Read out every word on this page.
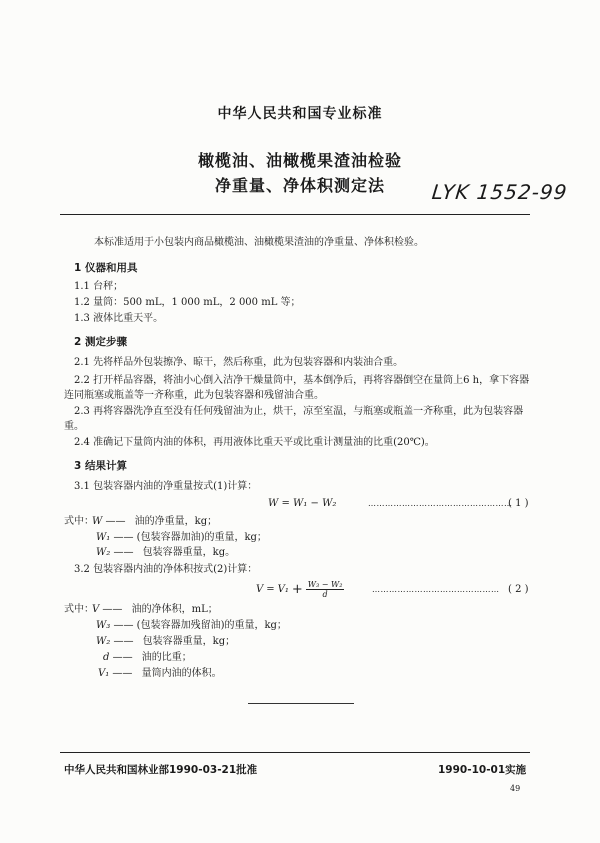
中华人民共和国专业标准
橄榄油、油橄榄果渣油检验
净重量、净体积测定法	LYK 1552-99
本标准适用于小包装内商品橄榄油、油橄榄果渣油的净重量、净体积检验。
1 仪器和用具
1.1 台秤；
1.2 量筒：500 mL，1 000 mL，2 000 mL 等；
1.3 液体比重天平。
2 测定步骤
2.1 先将样品外包装擦净、晾干，然后称重，此为包装容器和内装油合重。
2.2 打开样品容器，将油小心倒入洁净干燥量筒中，基本倒净后，再将容器倒空在量筒上6 h，拿下容器
连同瓶塞或瓶盖等一齐称重，此为包装容器和残留油合重。
2.3 再将容器洗净直至没有任何残留油为止，烘干，凉至室温，与瓶塞或瓶盖一齐称重，此为包装容器
重。
2.4 准确记下量筒内油的体积，再用液体比重天平或比重计测量油的比重(20℃)。
3 结果计算
3.1 包装容器内油的净重量按式(1)计算：
W = W₁ − W₂	……………………………………………
( 1 )
式中：
W —— 油的净重量，kg；
W₁ —— (包装容器加油)的重量，kg；
W₂ —— 包装容器重量，kg。
3.2 包装容器内油的净体积按式(2)计算：
$V = V_1 + \frac{\text{W₃ − W₂}}{d}$	……………………………………… ( 2 )
式中：
V —— 油的净体积，mL；
W₃ —— (包装容器加残留油)的重量，kg；
W₂ —— 包装容器重量，kg；
d —— 油的比重；
V₁ —— 量筒内油的体积。
中华人民共和国林业部1990-03-21批准	1990-10-01实施
49
